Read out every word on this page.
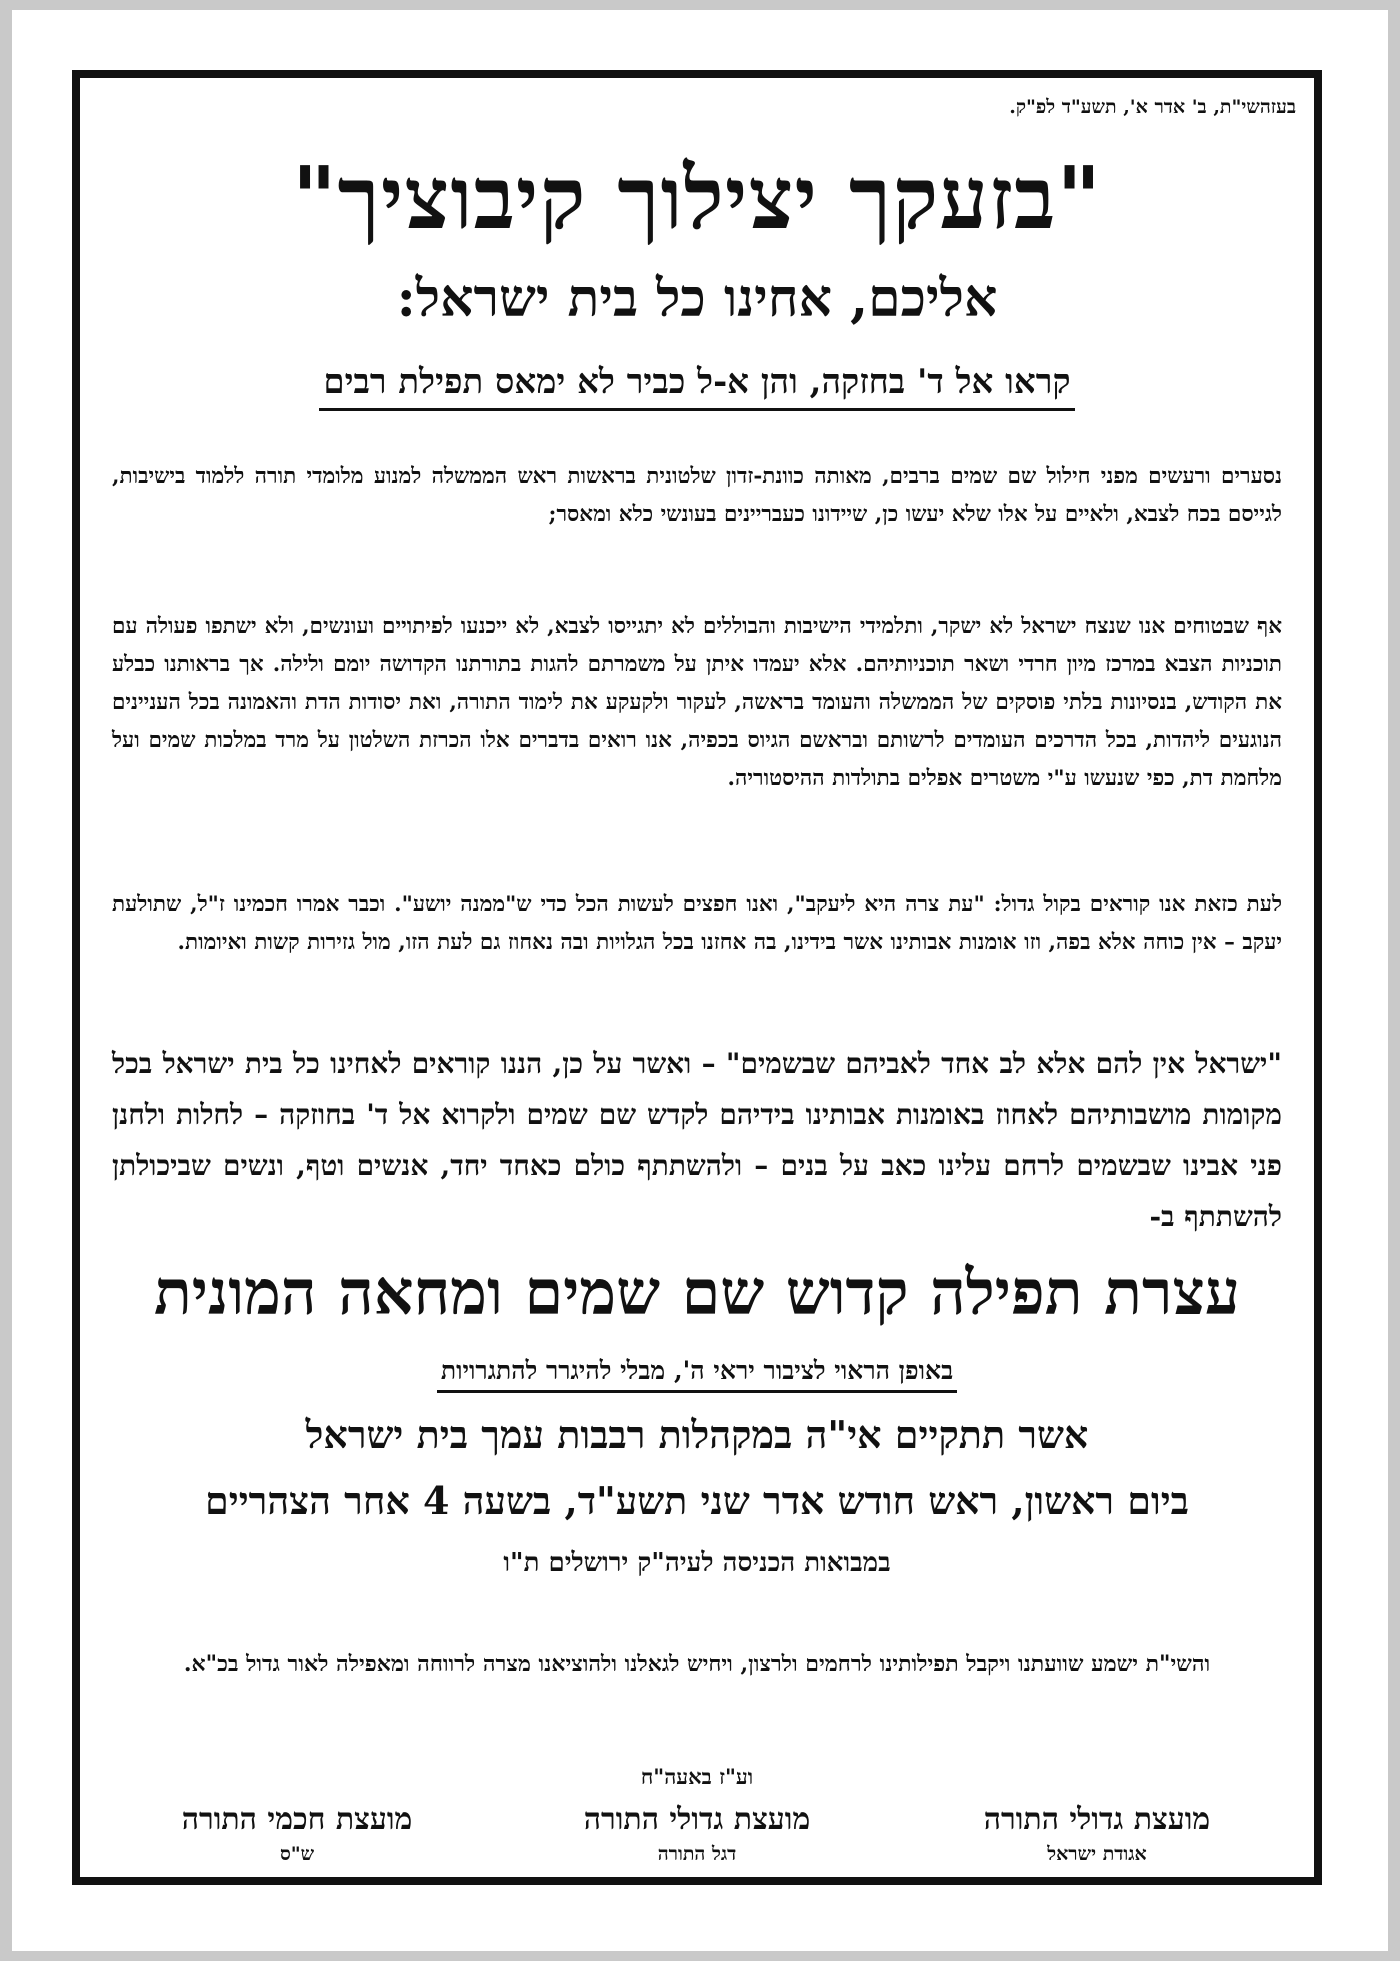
בעזהשי"ת, ב' אדר א', תשע"ד לפ"ק.
"בזעקך יצילוך קיבוציך"
אליכם, אחינו כל בית ישראל:
קראו אל ד' בחזקה, והן א-ל כביר לא ימאס תפילת רבים
נסערים ורעשים מפני חילול שם שמים ברבים, מאותה כוונת-זדון שלטונית בראשות ראש הממשלה למנוע מלומדי תורה ללמוד בישיבות, לגייסם בכח לצבא, ולאיים על אלו שלא יעשו כן, שיידונו כעבריינים בעונשי כלא ומאסר;
אף שבטוחים אנו שנצח ישראל לא ישקר, ותלמידי הישיבות והבוללים לא יתגייסו לצבא, לא ייכנעו לפיתויים ועונשים, ולא ישתפו פעולה עם תוכניות הצבא במרכז מיון חרדי ושאר תוכניותיהם. אלא יעמדו איתן על משמרתם להגות בתורתנו הקדושה יומם ולילה. אך בראותנו כבלע את הקודש, בנסיונות בלתי פוסקים של הממשלה והעומד בראשה, לעקור ולקעקע את לימוד התורה, ואת יסודות הדת והאמונה בכל העניינים הנוגעים ליהדות, בכל הדרכים העומדים לרשותם ובראשם הגיוס בכפיה, אנו רואים בדברים אלו הכרזת השלטון על מרד במלכות שמים ועל מלחמת דת, כפי שנעשו ע"י משטרים אפלים בתולדות ההיסטוריה.
לעת כזאת אנו קוראים בקול גדול: "עת צרה היא ליעקב", ואנו חפצים לעשות הכל כדי ש"ממנה יושע". וכבר אמרו חכמינו ז"ל, שתולעת יעקב – אין כוחה אלא בפה, וזו אומנות אבותינו אשר בידינו, בה אחזנו בכל הגלויות ובה נאחוז גם לעת הזו, מול גזירות קשות ואיומות.
"ישראל אין להם אלא לב אחד לאביהם שבשמים" – ואשר על כן, הננו קוראים לאחינו כל בית ישראל בכל מקומות מושבותיהם לאחוז באומנות אבותינו בידיהם לקדש שם שמים ולקרוא אל ד' בחוזקה – לחלות ולחנן פני אבינו שבשמים לרחם עלינו כאב על בנים – ולהשתתף כולם כאחד יחד, אנשים וטף, ונשים שביכולתן להשתתף ב-
עצרת תפילה קדוש שם שמים ומחאה המונית
באופן הראוי לציבור יראי ה', מבלי להיגרר להתגרויות
אשר תתקיים אי"ה במקהלות רבבות עמך בית ישראל
ביום ראשון, ראש חודש אדר שני תשע"ד, בשעה 4 אחר הצהריים
במבואות הכניסה לעיה"ק ירושלים ת"ו
והשי"ת ישמע שוועתנו ויקבל תפילותינו לרחמים ולרצון, ויחיש לגאלנו ולהוציאנו מצרה לרווחה ומאפילה לאור גדול בכ"א.
וע"ז באעה"ח
מועצת גדולי התורה
אגודת ישראל
מועצת גדולי התורה
דגל התורה
מועצת חכמי התורה
ש"ס
